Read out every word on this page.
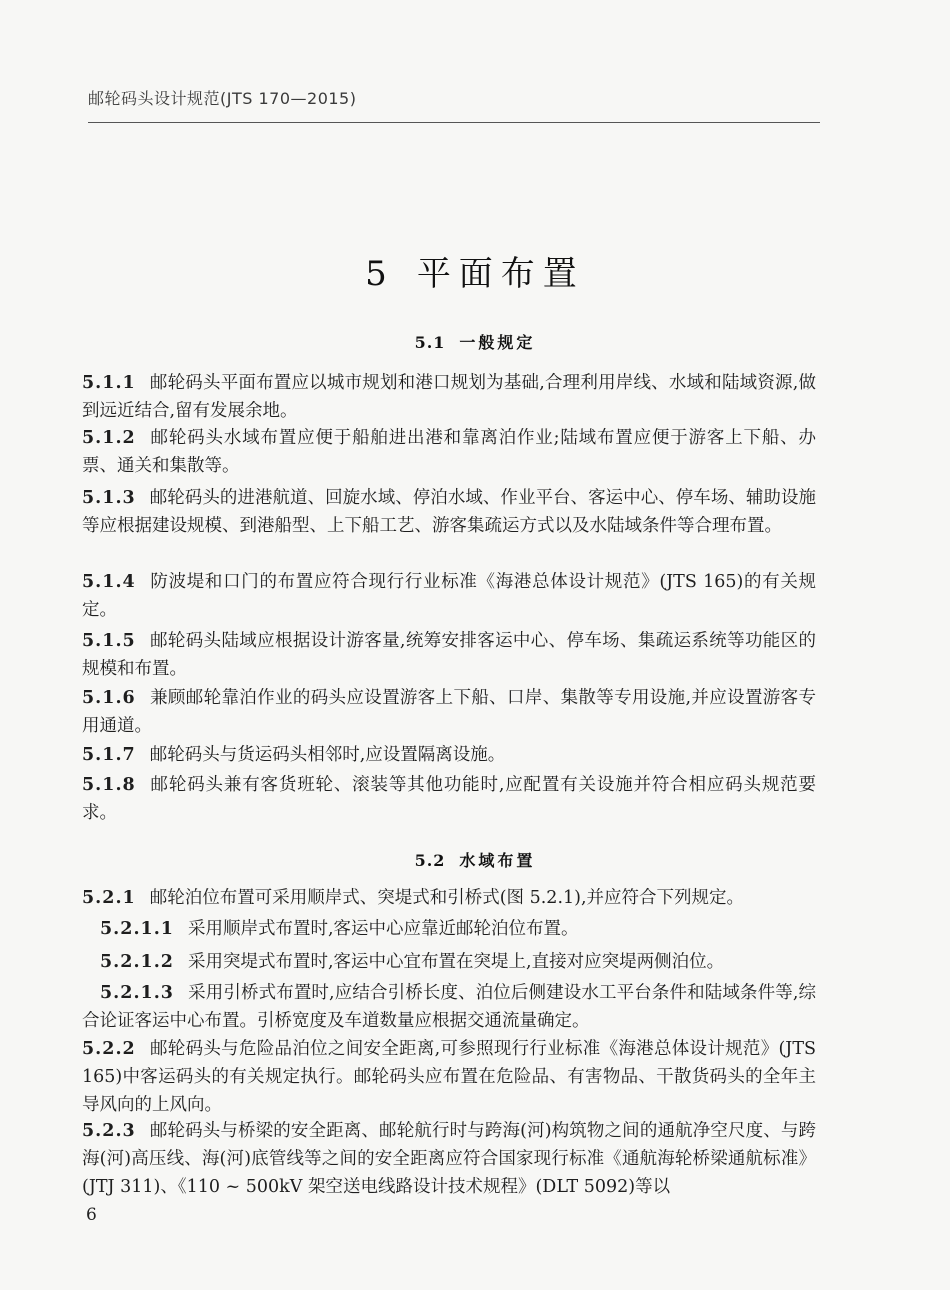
邮轮码头设计规范(JTS 170—2015)
5 平面布置
5.1 一般规定
5.1.1 邮轮码头平面布置应以城市规划和港口规划为基础,合理利用岸线、水域和陆域资源,做到远近结合,留有发展余地。
5.1.2 邮轮码头水域布置应便于船舶进出港和靠离泊作业;陆域布置应便于游客上下船、办票、通关和集散等。
5.1.3 邮轮码头的进港航道、回旋水域、停泊水域、作业平台、客运中心、停车场、辅助设施等应根据建设规模、到港船型、上下船工艺、游客集疏运方式以及水陆域条件等合理布置。
5.1.4 防波堤和口门的布置应符合现行行业标准《海港总体设计规范》(JTS 165)的有关规定。
5.1.5 邮轮码头陆域应根据设计游客量,统筹安排客运中心、停车场、集疏运系统等功能区的规模和布置。
5.1.6 兼顾邮轮靠泊作业的码头应设置游客上下船、口岸、集散等专用设施,并应设置游客专用通道。
5.1.7 邮轮码头与货运码头相邻时,应设置隔离设施。
5.1.8 邮轮码头兼有客货班轮、滚装等其他功能时,应配置有关设施并符合相应码头规范要求。
5.2 水域布置
5.2.1 邮轮泊位布置可采用顺岸式、突堤式和引桥式(图 5.2.1),并应符合下列规定。
5.2.1.1 采用顺岸式布置时,客运中心应靠近邮轮泊位布置。
5.2.1.2 采用突堤式布置时,客运中心宜布置在突堤上,直接对应突堤两侧泊位。
5.2.1.3 采用引桥式布置时,应结合引桥长度、泊位后侧建设水工平台条件和陆域条件等,综合论证客运中心布置。引桥宽度及车道数量应根据交通流量确定。
5.2.2 邮轮码头与危险品泊位之间安全距离,可参照现行行业标准《海港总体设计规范》(JTS 165)中客运码头的有关规定执行。邮轮码头应布置在危险品、有害物品、干散货码头的全年主导风向的上风向。
5.2.3 邮轮码头与桥梁的安全距离、邮轮航行时与跨海(河)构筑物之间的通航净空尺度、与跨海(河)高压线、海(河)底管线等之间的安全距离应符合国家现行标准《通航海轮桥梁通航标准》(JTJ 311)、《110 ~ 500kV 架空送电线路设计技术规程》(DLT 5092)等以
6
